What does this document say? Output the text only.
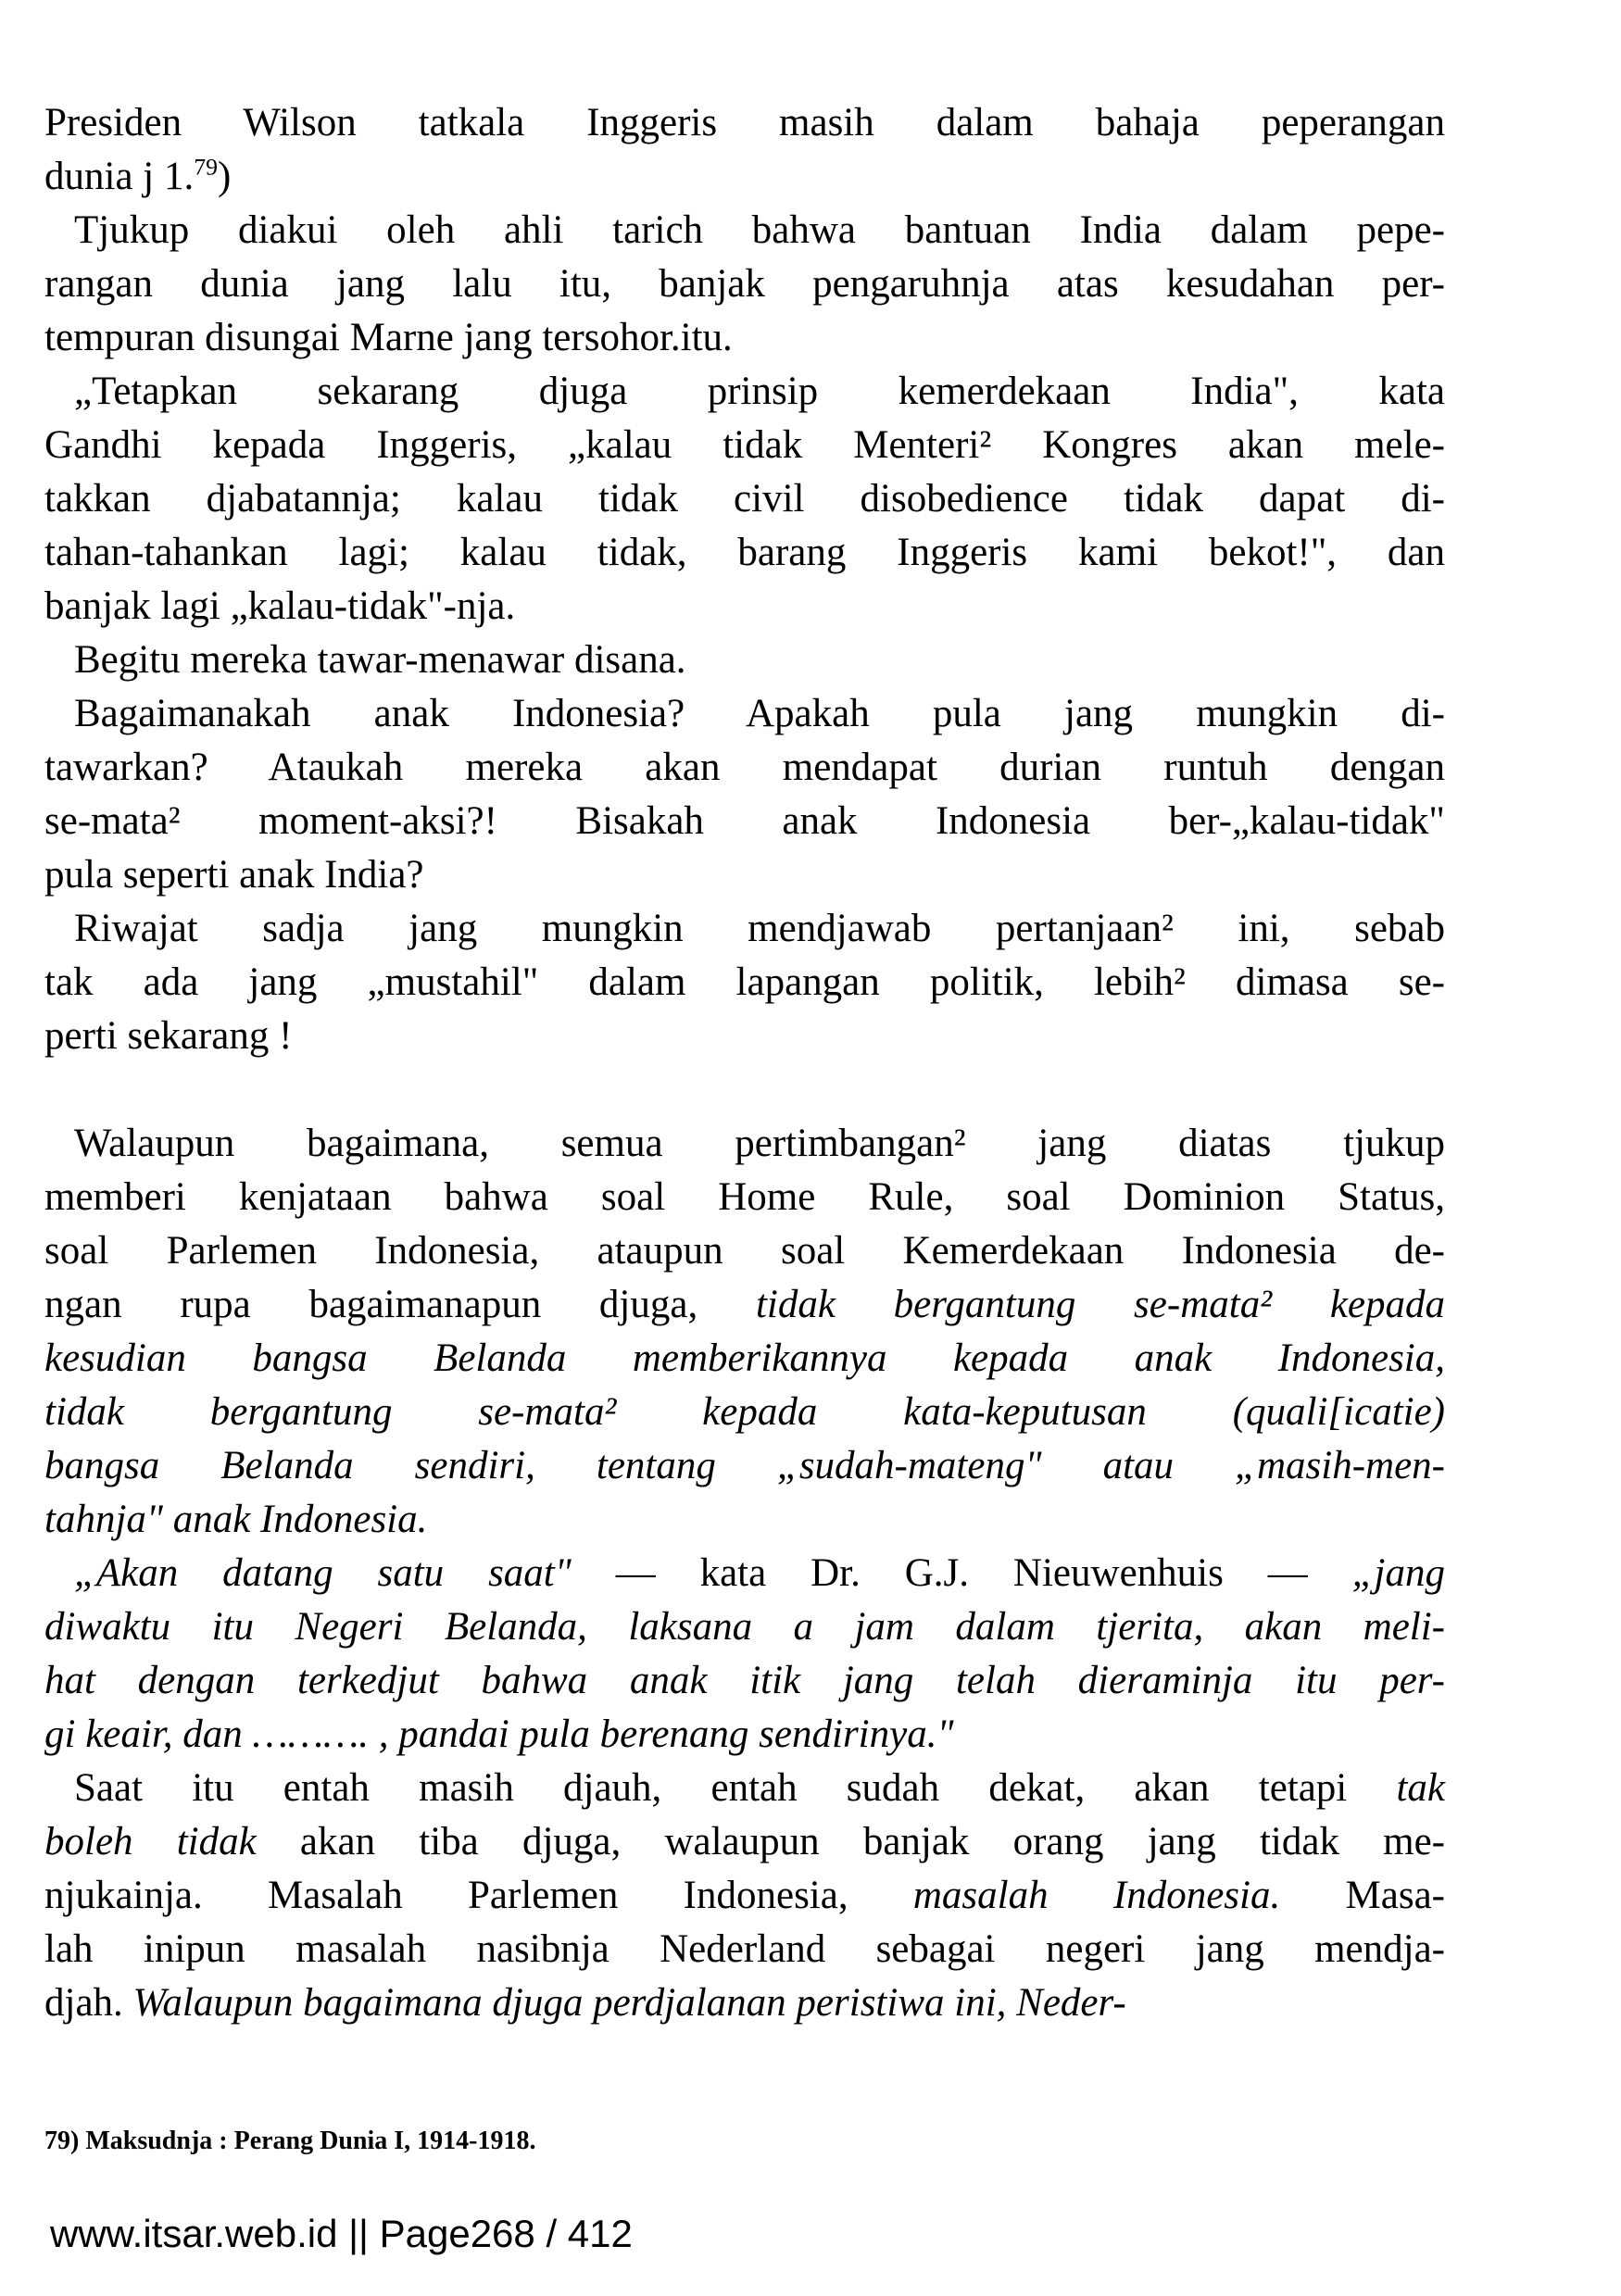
Presiden Wilson tatkala Inggeris masih dalam bahaja peperangan
dunia j 1.79)
Tjukup diakui oleh ahli tarich bahwa bantuan India dalam pepe-
rangan dunia jang lalu itu, banjak pengaruhnja atas kesudahan per-
tempuran disungai Marne jang tersohor.itu.
„Tetapkan sekarang djuga prinsip kemerdekaan India", kata
Gandhi kepada Inggeris, „kalau tidak Menteri² Kongres akan mele-
takkan djabatannja; kalau tidak civil disobedience tidak dapat di-
tahan-tahankan lagi; kalau tidak, barang Inggeris kami bekot!", dan
banjak lagi „kalau-tidak"-nja.
Begitu mereka tawar-menawar disana.
Bagaimanakah anak Indonesia? Apakah pula jang mungkin di-
tawarkan? Ataukah mereka akan mendapat durian runtuh dengan
se-mata² moment-aksi?! Bisakah anak Indonesia ber-„kalau-tidak"
pula seperti anak India?
Riwajat sadja jang mungkin mendjawab pertanjaan² ini, sebab
tak ada jang „mustahil" dalam lapangan politik, lebih² dimasa se-
perti sekarang !
Walaupun bagaimana, semua pertimbangan² jang diatas tjukup
memberi kenjataan bahwa soal Home Rule, soal Dominion Status,
soal Parlemen Indonesia, ataupun soal Kemerdekaan Indonesia de-
ngan rupa bagaimanapun djuga, tidak bergantung se-mata² kepada
kesudian bangsa Belanda memberikannya kepada anak Indonesia,
tidak bergantung se-mata² kepada kata-keputusan (quali[icatie)
bangsa Belanda sendiri, tentang „sudah-mateng" atau „masih-men-
tahnja" anak Indonesia.
„Akan datang satu saat" — kata Dr. G.J. Nieuwenhuis — „jang
diwaktu itu Negeri Belanda, laksana a jam dalam tjerita, akan meli-
hat dengan terkedjut bahwa anak itik jang telah dieraminja itu per-
gi keair, dan ………. , pandai pula berenang sendirinya."
Saat itu entah masih djauh, entah sudah dekat, akan tetapi tak
boleh tidak akan tiba djuga, walaupun banjak orang jang tidak me-
njukainja. Masalah Parlemen Indonesia, masalah Indonesia. Masa-
lah inipun masalah nasibnja Nederland sebagai negeri jang mendja-
djah. Walaupun bagaimana djuga perdjalanan peristiwa ini, Neder-
79) Maksudnja : Perang Dunia I, 1914-1918.
www.itsar.web.id || Page268 / 412
